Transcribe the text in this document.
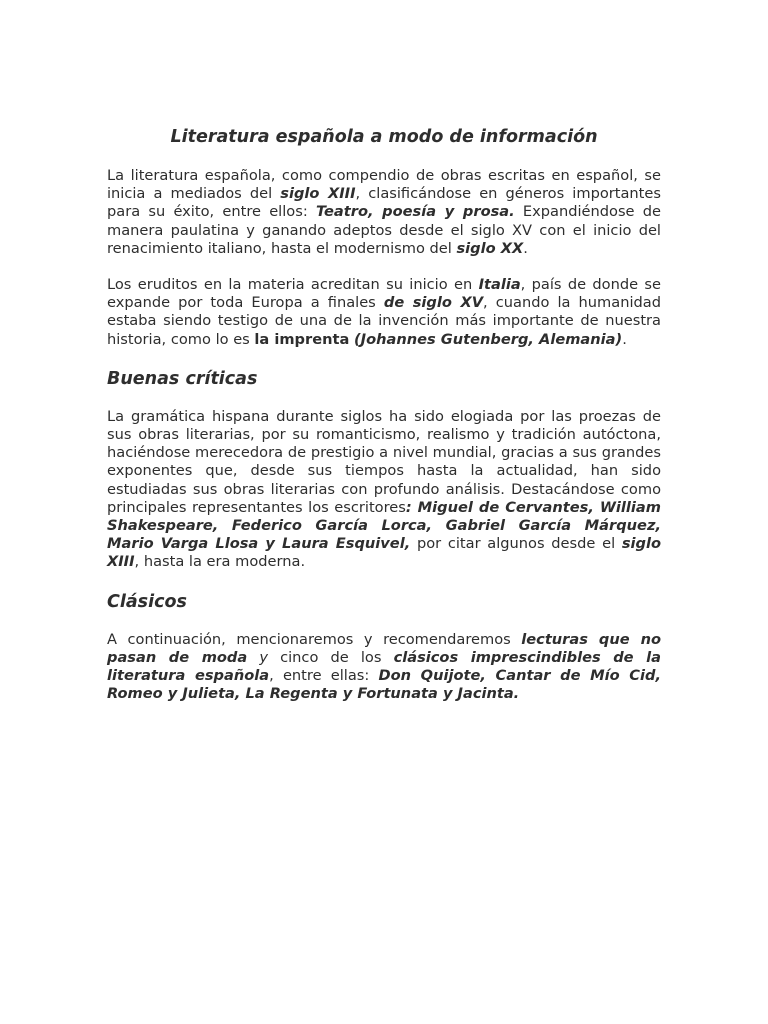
Literatura española a modo de información

La literatura española, como compendio de obras escritas en español, se inicia a mediados del siglo XIII, clasificándose en géneros importantes para su éxito, entre ellos: Teatro, poesía y prosa. Expandiéndose de manera paulatina y ganando adeptos desde el siglo XV con el inicio del renacimiento italiano, hasta el modernismo del siglo XX.

Los eruditos en la materia acreditan su inicio en Italia, país de donde se expande por toda Europa a finales de siglo XV, cuando la humanidad estaba siendo testigo de una de la invención más importante de nuestra historia, como lo es la imprenta (Johannes Gutenberg, Alemania).

Buenas críticas

La gramática hispana durante siglos ha sido elogiada por las proezas de sus obras literarias, por su romanticismo, realismo y tradición autóctona, haciéndose merecedora de prestigio a nivel mundial, gracias a sus grandes exponentes que, desde sus tiempos hasta la actualidad, han sido estudiadas sus obras literarias con profundo análisis. Destacándose como principales representantes los escritores: Miguel de Cervantes, William Shakespeare, Federico García Lorca, Gabriel García Márquez, Mario Varga Llosa y Laura Esquivel, por citar algunos desde el siglo XIII, hasta la era moderna.

Clásicos

A continuación, mencionaremos y recomendaremos lecturas que no pasan de moda y cinco de los clásicos imprescindibles de la literatura española, entre ellas: Don Quijote, Cantar de Mío Cid, Romeo y Julieta, La Regenta y Fortunata y Jacinta.
